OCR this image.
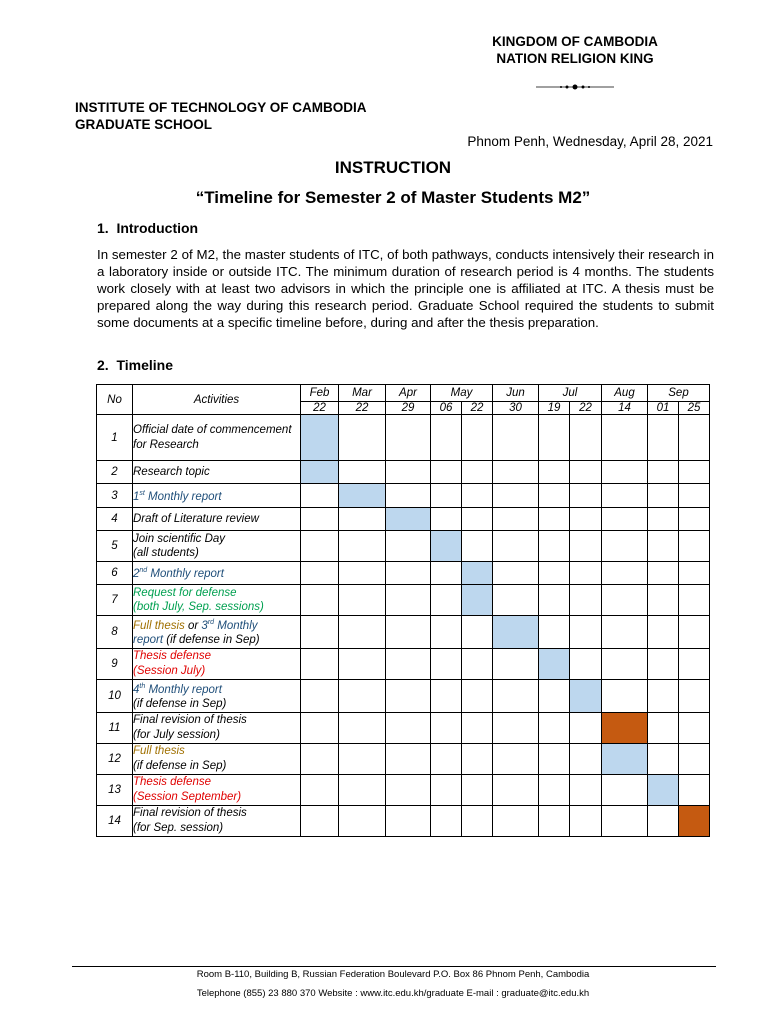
KINGDOM OF CAMBODIA
NATION RELIGION KING
INSTITUTE OF TECHNOLOGY OF CAMBODIA
GRADUATE SCHOOL
Phnom Penh, Wednesday, April 28, 2021
INSTRUCTION
“Timeline for Semester 2 of Master Students M2”
1.  Introduction
In semester 2 of M2, the master students of ITC, of both pathways, conducts intensively their research in a laboratory inside or outside ITC. The minimum duration of research period is 4 months. The students work closely with at least two advisors in which the principle one is affiliated at ITC. A thesis must be prepared along the way during this research period. Graduate School required the students to submit some documents at a specific timeline before, during and after the thesis preparation.
2.  Timeline
No	Activities	Feb	Mar	Apr	May		Jun	Jul		Aug	Sep	
		22	22	29	06	22	30	19	22	14	01	25
1	Official date of commencement for Research											
2	Research topic											
3	1st Monthly report											
4	Draft of Literature review											
5	Join scientific Day
(all students)											

6	2nd Monthly report											
7	Request for defense
(both July, Sep. sessions)											

8	Full thesis or 3rd Monthly
report (if defense in Sep)											

9	Thesis defense
(Session July)											

10	4th Monthly report
(if defense in Sep)											

11	Final revision of thesis
(for July session)											

12	Full thesis
(if defense in Sep)											

13	Thesis defense
(Session September)											

14	Final revision of thesis
(for Sep. session)											

Room B-110, Building B, Russian Federation Boulevard P.O. Box 86 Phnom Penh, Cambodia
Telephone (855) 23 880 370 Website : www.itc.edu.kh/graduate E-mail : graduate@itc.edu.kh
